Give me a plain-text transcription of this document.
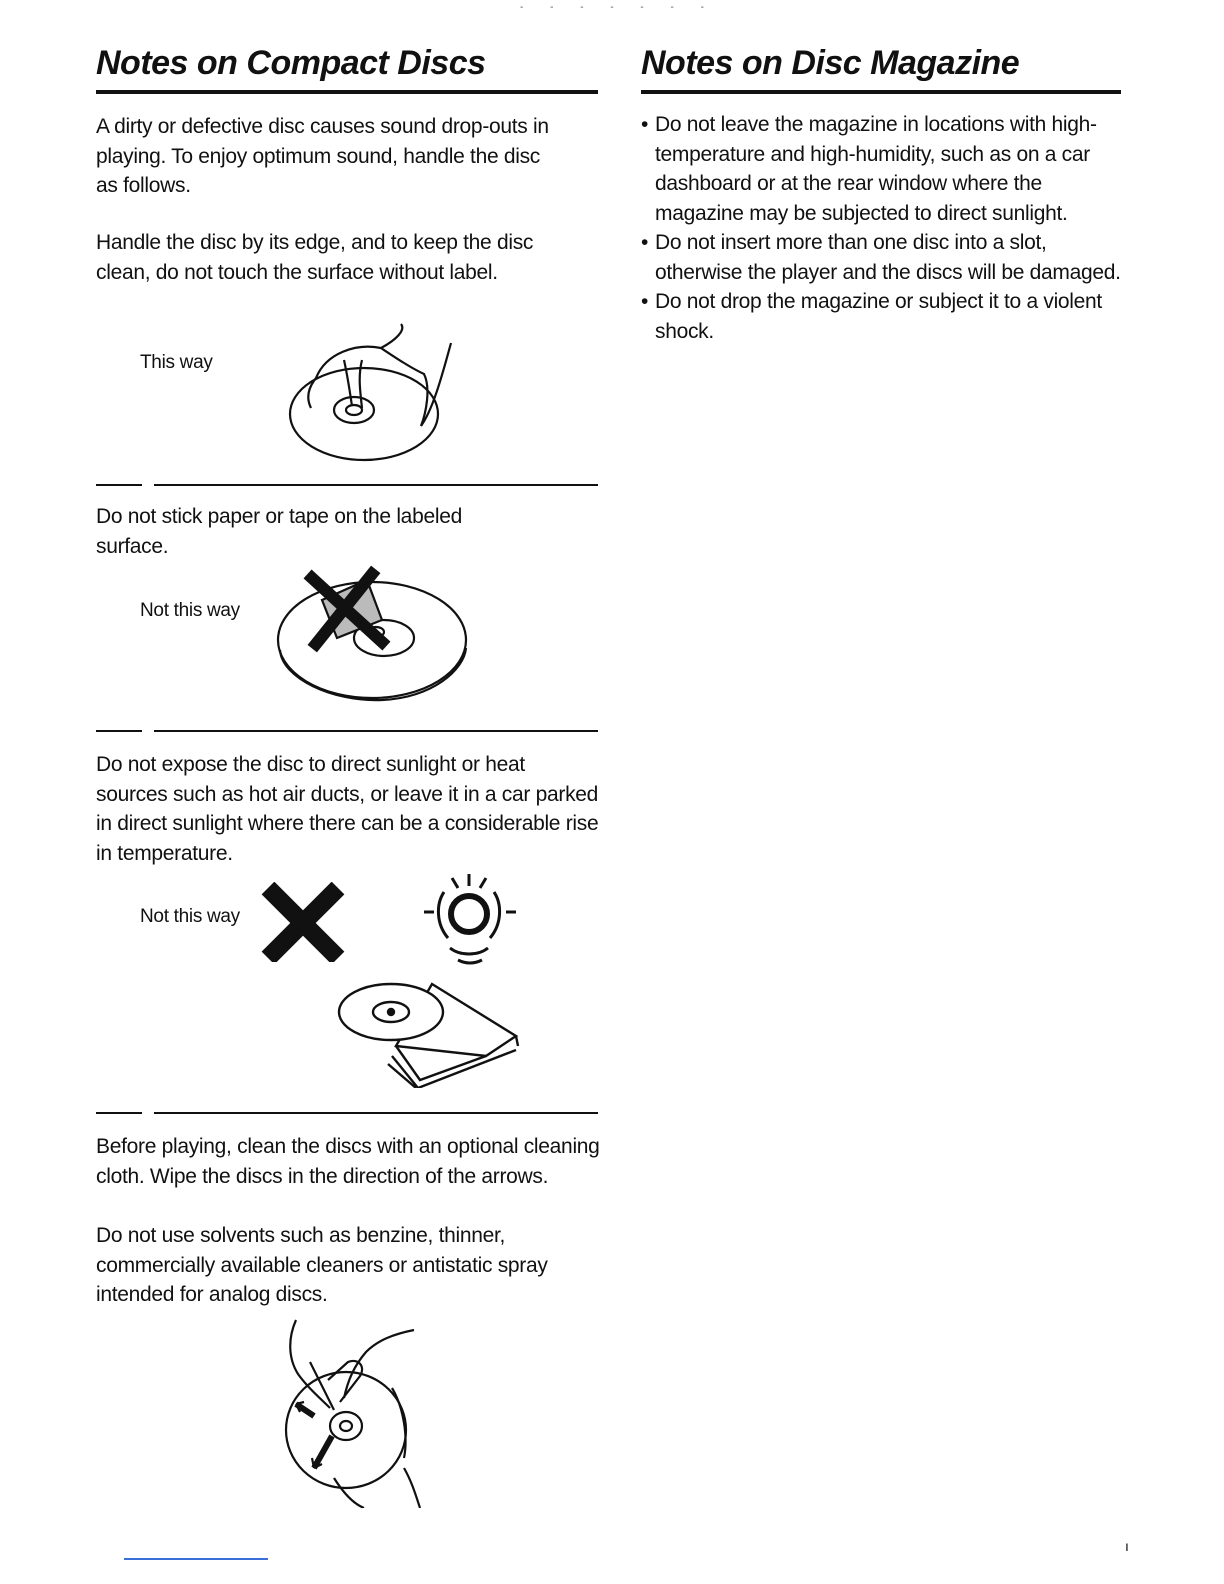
- - - - - - -
Notes on Compact Discs
A dirty or defective disc causes sound drop-outs in playing. To enjoy optimum sound, handle the disc as follows.
Handle the disc by its edge, and to keep the disc clean, do not touch the surface without label.
This way
Do not stick paper or tape on the labeled surface.
Not this way
Do not expose the disc to direct sunlight or heat sources such as hot air ducts, or leave it in a car parked in direct sunlight where there can be a considerable rise in temperature.
Not this way
Before playing, clean the discs with an optional cleaning cloth. Wipe the discs in the direction of the arrows.
Do not use solvents such as benzine, thinner, commercially available cleaners or antistatic spray intended for analog discs.
Notes on Disc Magazine
• Do not leave the magazine in locations with high-temperature and high-humidity, such as on a car dashboard or at the rear window where the magazine may be subjected to direct sunlight.
• Do not insert more than one disc into a slot, otherwise the player and the discs will be damaged.
• Do not drop the magazine or subject it to a violent shock.
ı
